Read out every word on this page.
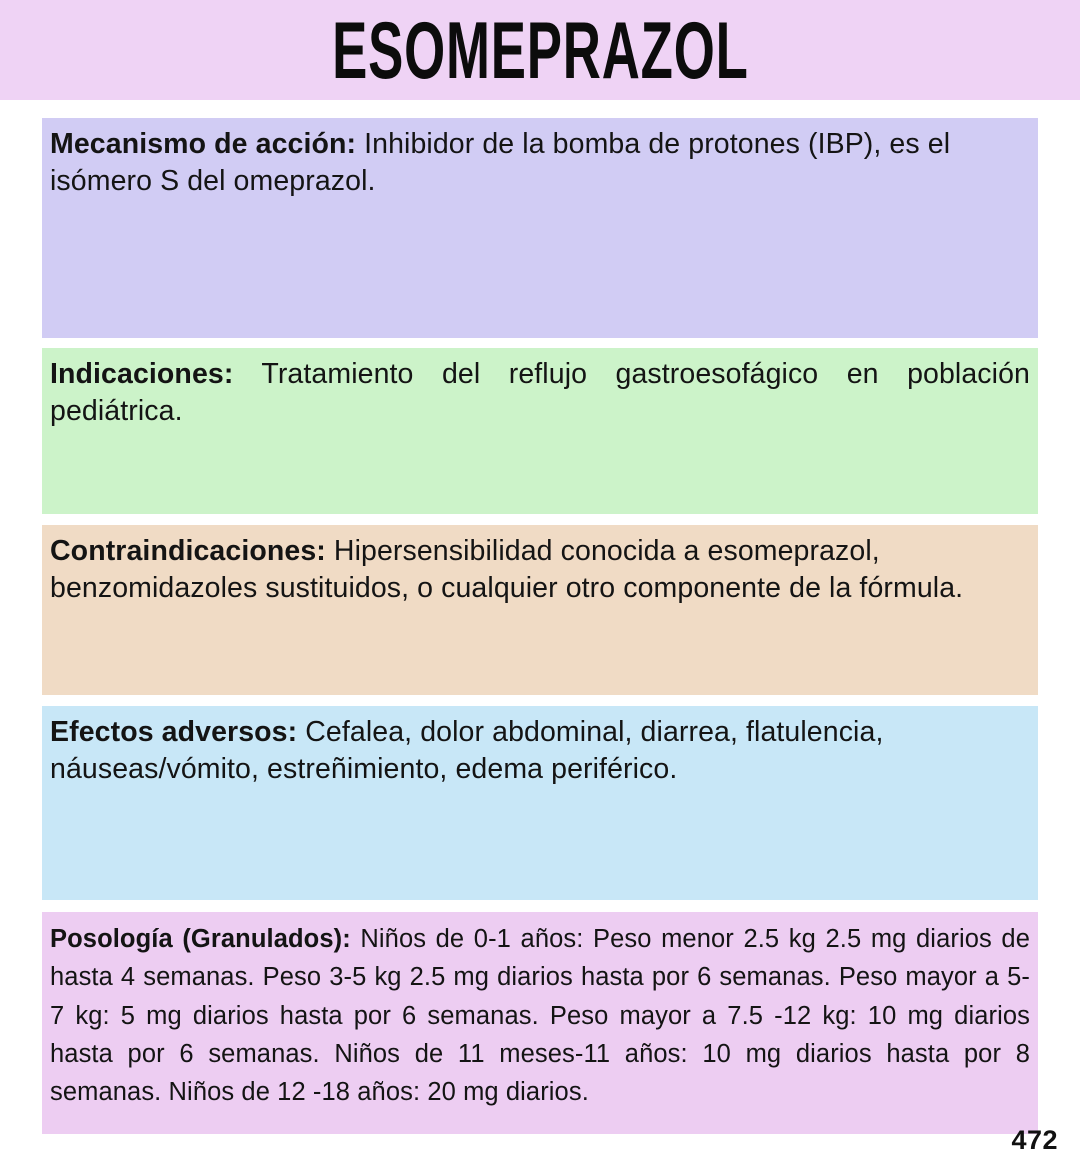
ESOMEPRAZOL

Mecanismo de acción: Inhibidor de la bomba de protones (IBP), es el isómero S del omeprazol.

Indicaciones: Tratamiento del reflujo gastroesofágico en población pediátrica.

Contraindicaciones: Hipersensibilidad conocida a esomeprazol, benzomidazoles sustituidos, o cualquier otro componente de la fórmula.

Efectos adversos: Cefalea, dolor abdominal, diarrea, flatulencia, náuseas/vómito, estreñimiento, edema periférico.

Posología (Granulados): Niños de 0-1 años: Peso menor 2.5 kg 2.5 mg diarios de hasta 4 semanas. Peso 3-5 kg 2.5 mg diarios hasta por 6 semanas. Peso mayor a 5-7 kg: 5 mg diarios hasta por 6 semanas. Peso mayor a 7.5 -12 kg: 10 mg diarios hasta por 6 semanas. Niños de 11 meses-11 años: 10 mg diarios hasta por 8 semanas. Niños de 12 -18 años: 20 mg diarios.

472
